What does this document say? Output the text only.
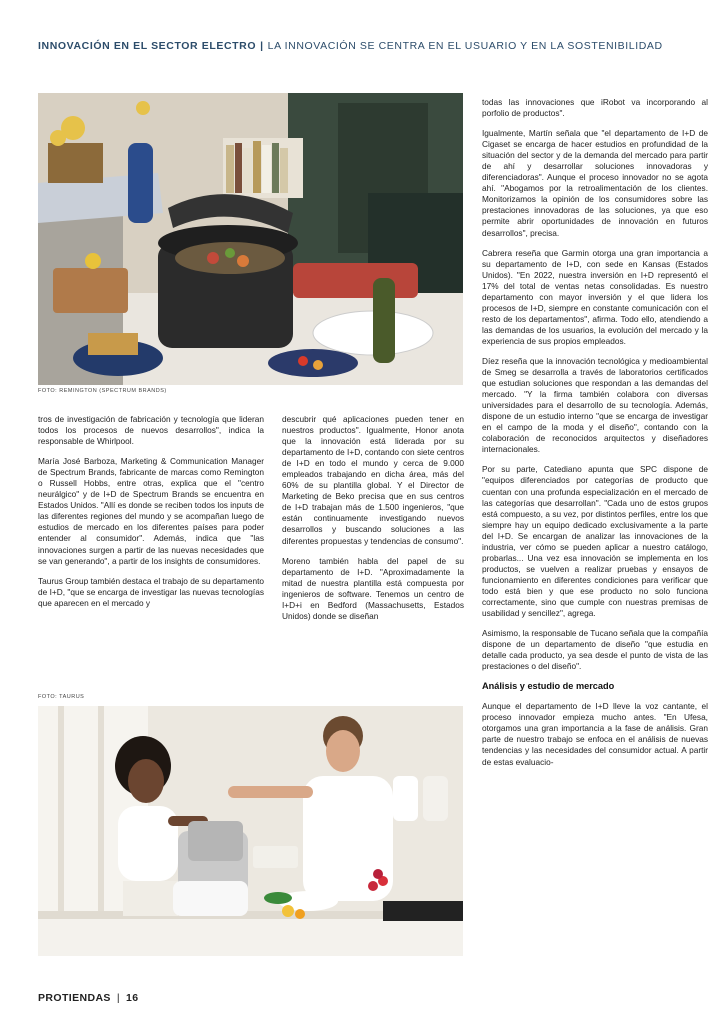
INNOVACIÓN EN EL SECTOR ELECTRO | LA INNOVACIÓN SE CENTRA EN EL USUARIO Y EN LA SOSTENIBILIDAD
FOTO: REMINGTON (SPECTRUM BRANDS)
FOTO: TAURUS

tros de investigación de fabricación y tecnología que lideran todos los procesos de nuevos desarrollos", indica la responsable de Whirlpool.

María José Barboza, Marketing & Communication Manager de Spectrum Brands, fabricante de marcas como Remington o Russell Hobbs, entre otras, explica que el "centro neurálgico" y de I+D de Spectrum Brands se encuentra en Estados Unidos. "Allí es donde se reciben todos los inputs de las diferentes regiones del mundo y se acompañan luego de estudios de mercado en los diferentes países para poder entender al consumidor". Además, indica que "las innovaciones surgen a partir de las nuevas necesidades que se van generando", a partir de los insights de consumidores.

Taurus Group también destaca el trabajo de su departamento de I+D, "que se encarga de investigar las nuevas tecnologías que aparecen en el mercado y

descubrir qué aplicaciones pueden tener en nuestros productos". Igualmente, Honor anota que la innovación está liderada por su departamento de I+D, contando con siete centros de I+D en todo el mundo y cerca de 9.000 empleados trabajando en dicha área, más del 60% de su plantilla global. Y el Director de Marketing de Beko precisa que en sus centros de I+D trabajan más de 1.500 ingenieros, "que están continuamente investigando nuevos desarrollos y buscando soluciones a las diferentes propuestas y tendencias de consumo".

Moreno también habla del papel de su departamento de I+D. "Aproximadamente la mitad de nuestra plantilla está compuesta por ingenieros de software. Tenemos un centro de I+D+i en Bedford (Massachusetts, Estados Unidos) donde se diseñan

todas las innovaciones que iRobot va incorporando al porfolio de productos".

Igualmente, Martín señala que "el departamento de I+D de Cigaset se encarga de hacer estudios en profundidad de la situación del sector y de la demanda del mercado para partir de ahí y desarrollar soluciones innovadoras y diferenciadoras". Aunque el proceso innovador no se agota ahí. "Abogamos por la retroalimentación de los clientes. Monitorizamos la opinión de los consumidores sobre las prestaciones innovadoras de las soluciones, ya que eso permite abrir oportunidades de innovación en futuros desarrollos", precisa.

Cabrera reseña que Garmin otorga una gran importancia a su departamento de I+D, con sede en Kansas (Estados Unidos). "En 2022, nuestra inversión en I+D representó el 17% del total de ventas netas consolidadas. Es nuestro departamento con mayor inversión y el que lidera los procesos de I+D, siempre en constante comunicación con el resto de los departamentos", afirma. Todo ello, atendiendo a las demandas de los usuarios, la evolución del mercado y la experiencia de sus propios empleados.

Díez reseña que la innovación tecnológica y medioambiental de Smeg se desarrolla a través de laboratorios certificados que estudian soluciones que respondan a las demandas del mercado. "Y la firma también colabora con diversas universidades para el desarrollo de su tecnología. Además, dispone de un estudio interno "que se encarga de investigar en el campo de la moda y el diseño", contando con la colaboración de reconocidos arquitectos y diseñadores internacionales.

Por su parte, Catediano apunta que SPC dispone de "equipos diferenciados por categorías de producto que cuentan con una profunda especialización en el mercado de las categorías que desarrollan". "Cada uno de estos grupos está compuesto, a su vez, por distintos perfiles, entre los que siempre hay un equipo dedicado exclusivamente a la parte del I+D. Se encargan de analizar las innovaciones de la industria, ver cómo se pueden aplicar a nuestro catálogo, probarlas... Una vez esa innovación se implementa en los productos, se vuelven a realizar pruebas y ensayos de funcionamiento en diferentes condiciones para verificar que todo está bien y que ese producto no solo funciona correctamente, sino que cumple con nuestras premisas de usabilidad y sencillez", agrega.

Asimismo, la responsable de Tucano señala que la compañía dispone de un departamento de diseño "que estudia en detalle cada producto, ya sea desde el punto de vista de las prestaciones o del diseño".

Análisis y estudio de mercado

Aunque el departamento de I+D lleve la voz cantante, el proceso innovador empieza mucho antes. "En Ufesa, otorgamos una gran importancia a la fase de análisis. Gran parte de nuestro trabajo se enfoca en el análisis de nuevas tendencias y las necesidades del consumidor actual. A partir de estas evaluacio-

PROTIENDAS | 16
